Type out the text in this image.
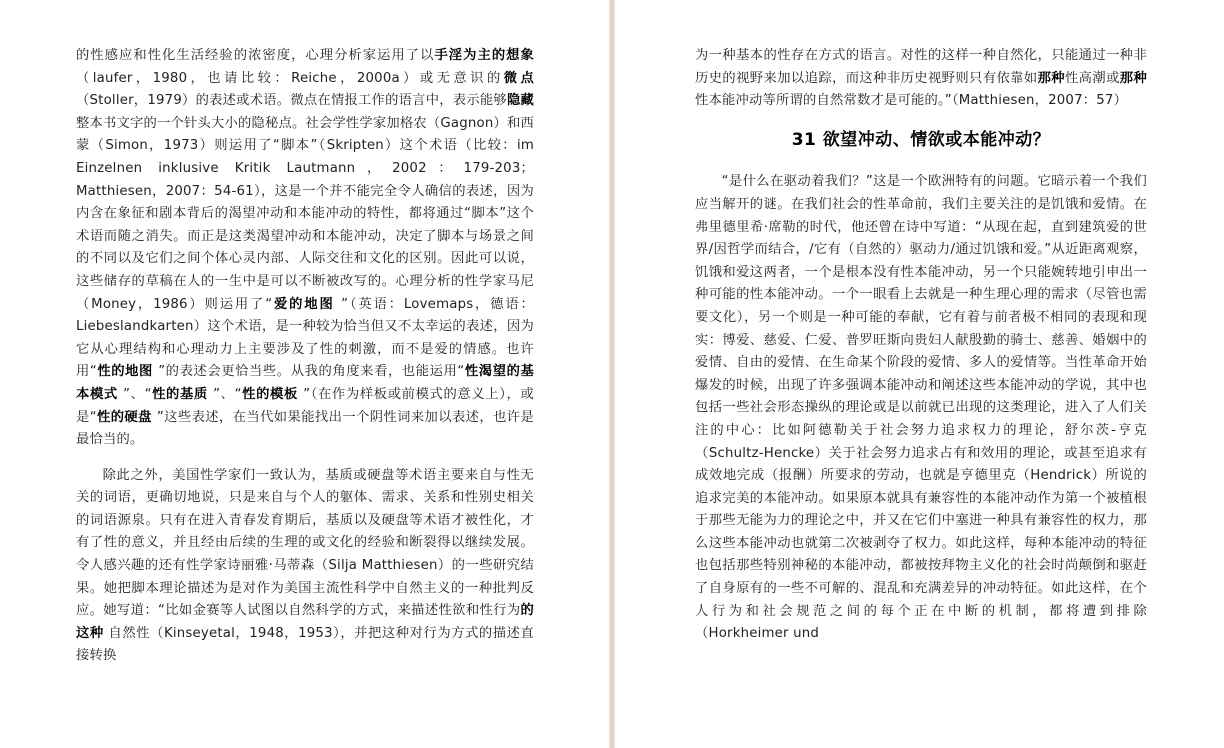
的性感应和性化生活经验的浓密度，心理分析家运用了以手淫为主的想象 （laufer，1980，也请比较：Reiche，2000a）或无意识的微点（Stoller，1979）的表述或术语。微点在情报工作的语言中，表示能够隐藏 整本书文字的一个针头大小的隐秘点。社会学性学家加格农（Gagnon）和西蒙（Simon，1973）则运用了“脚本”（Skripten）这个术语（比较：im Einzelnen inklusive Kritik Lautmann，2002：179-203；Matthiesen，2007：54-61），这是一个并不能完全令人确信的表述，因为内含在象征和剧本背后的渴望冲动和本能冲动的特性，都将通过“脚本”这个术语而随之消失。而正是这类渴望冲动和本能冲动，决定了脚本与场景之间的不同以及它们之间个体心灵内部、人际交往和文化的区别。因此可以说，这些储存的草稿在人的一生中是可以不断被改写的。心理分析的性学家马尼（Money，1986）则运用了“爱的地图 ”（英语：Lovemaps，德语：Liebeslandkarten）这个术语，是一种较为恰当但又不太幸运的表述，因为它从心理结构和心理动力上主要涉及了性的刺激，而不是爱的情感。也许用“性的地图 ”的表述会更恰当些。从我的角度来看，也能运用“性渴望的基本模式 ”、“性的基质 ”、“性的模板 ”（在作为样板或前模式的意义上），或是“性的硬盘 ”这些表述，在当代如果能找出一个阴性词来加以表述，也许是最恰当的。

除此之外，美国性学家们一致认为，基质或硬盘等术语主要来自与性无关的词语，更确切地说，只是来自与个人的躯体、需求、关系和性别史相关的词语源泉。只有在进入青春发育期后，基质以及硬盘等术语才被性化，才有了性的意义，并且经由后续的生理的或文化的经验和断裂得以继续发展。令人感兴趣的还有性学家诗丽雅·马蒂森（Silja Matthiesen）的一些研究结果。她把脚本理论描述为是对作为美国主流性科学中自然主义的一种批判反应。她写道：“比如金赛等人试图以自然科学的方式，来描述性欲和性行为的这种 自然性（Kinseyetal，1948，1953），并把这种对行为方式的描述直接转换

为一种基本的性存在方式的语言。对性的这样一种自然化，只能通过一种非历史的视野来加以追踪，而这种非历史视野则只有依靠如那种性高潮或那种 性本能冲动等所谓的自然常数才是可能的。”（Matthiesen，2007：57）

31 欲望冲动、情欲或本能冲动？

“是什么在驱动着我们？”这是一个欧洲特有的问题。它暗示着一个我们应当解开的谜。在我们社会的性革命前，我们主要关注的是饥饿和爱情。在弗里德里希·席勒的时代，他还曾在诗中写道：“从现在起，直到建筑爱的世界/因哲学而结合，/它有（自然的）驱动力/通过饥饿和爱。”从近距离观察，饥饿和爱这两者，一个是根本没有性本能冲动，另一个只能婉转地引申出一种可能的性本能冲动。一个一眼看上去就是一种生理心理的需求（尽管也需要文化），另一个则是一种可能的奉献，它有着与前者极不相同的表现和现实：博爱、慈爱、仁爱、普罗旺斯向贵妇人献殷勤的骑士、慈善、婚姻中的爱情、自由的爱情、在生命某个阶段的爱情、多人的爱情等。当性革命开始爆发的时候，出现了许多强调本能冲动和阐述这些本能冲动的学说，其中也包括一些社会形态操纵的理论或是以前就已出现的这类理论，进入了人们关注的中心：比如阿德勒关于社会努力追求权力的理论，舒尔茨-亨克（Schultz-Hencke）关于社会努力追求占有和效用的理论，或甚至追求有成效地完成（报酬）所要求的劳动，也就是亨德里克（Hendrick）所说的追求完美的本能冲动。如果原本就具有兼容性的本能冲动作为第一个被植根于那些无能为力的理论之中，并又在它们中塞进一种具有兼容性的权力，那么这些本能冲动也就第二次被剥夺了权力。如此这样，每种本能冲动的特征也包括那些特别神秘的本能冲动，都被按拜物主义化的社会时尚颠倒和驱赶了自身原有的一些不可解的、混乱和充满差异的冲动特征。如此这样，在个人行为和社会规范之间的每个正在中断的机制，都将遭到排除（Horkheimer und
